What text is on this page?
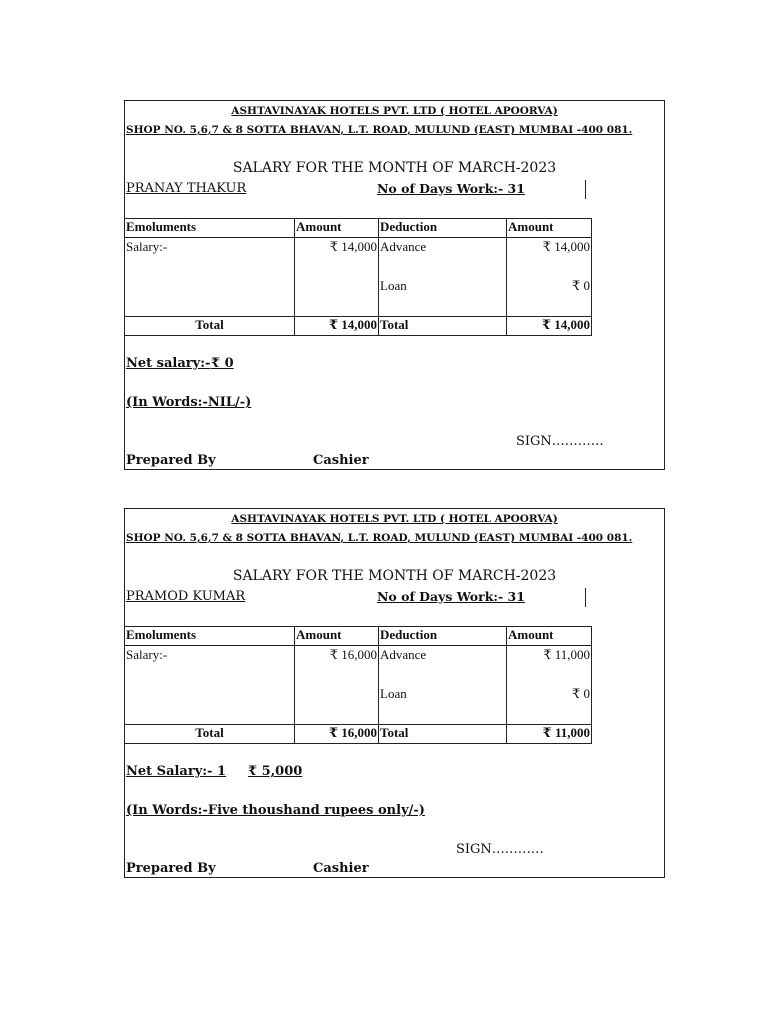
ASHTAVINAYAK HOTELS PVT. LTD ( HOTEL APOORVA)
SHOP NO. 5,6,7 & 8 SOTTA BHAVAN, L.T. ROAD, MULUND (EAST) MUMBAI -400 081.
SALARY FOR THE MONTH OF MARCH-2023
PRANAY THAKUR	No of Days Work:- 31
Emoluments	Amount	Deduction	Amount
Salary:-	₹ 14,000	Advance	₹ 14,000
		Loan	₹ 0
Total	₹ 14,000	Total	₹ 14,000
Net salary:- ₹ 0
(In Words:-NIL/-)
SIGN…………
Prepared By	Cashier
ASHTAVINAYAK HOTELS PVT. LTD ( HOTEL APOORVA)
SHOP NO. 5,6,7 & 8 SOTTA BHAVAN, L.T. ROAD, MULUND (EAST) MUMBAI -400 081.
SALARY FOR THE MONTH OF MARCH-2023
PRAMOD KUMAR	No of Days Work:- 31
Emoluments	Amount	Deduction	Amount
Salary:-	₹ 16,000	Advance	₹ 11,000
		Loan	₹ 0
Total	₹ 16,000	Total	₹ 11,000
Net Salary:- 1 ₹ 5,000
(In Words:-Five thoushand rupees only/-)
SIGN…………
Prepared By	Cashier
